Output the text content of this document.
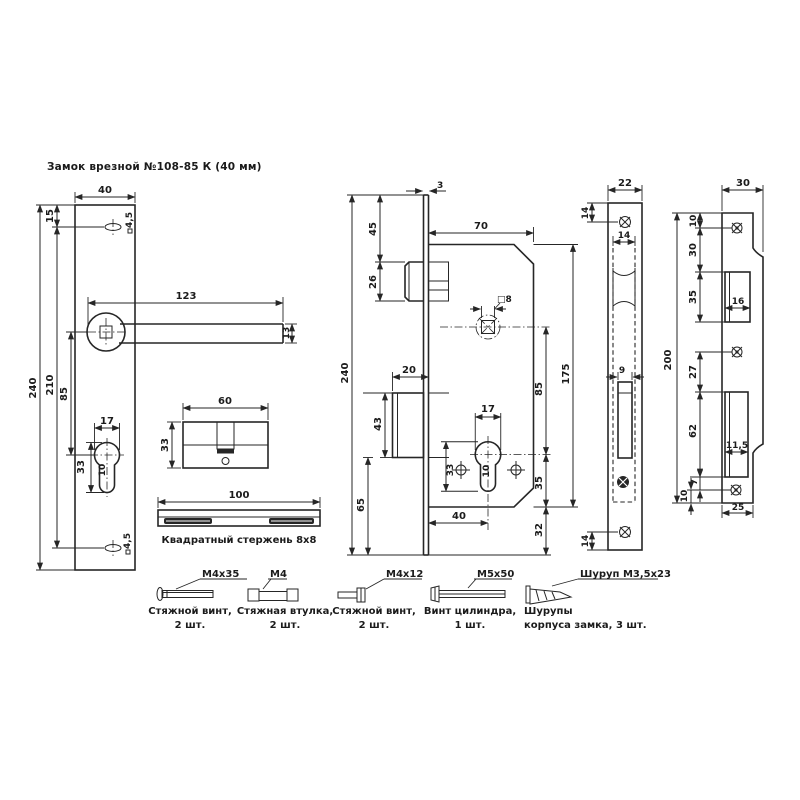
Замок врезной №108-85 К (40 мм)
4,5
4,5
10
40
15
210
240 85
123
13
17
33
60
33
100
Квадратный стержень 8х8
3
□8
10
70
45
26
240	20
43
65
17
33
85
35
32
175
40
22
14
14
9
14
30
10
30
35
27
62
7
10
200
16
11,5
25
M4x35
Стяжной винт,
2 шт.
M4
Стяжная втулка,
2 шт.
M4x12
Стяжной винт,
2 шт.
M5x50
Винт цилиндра,
1 шт.
Шуруп М3,5х23
Шурупы
корпуса замка, 3 шт.
